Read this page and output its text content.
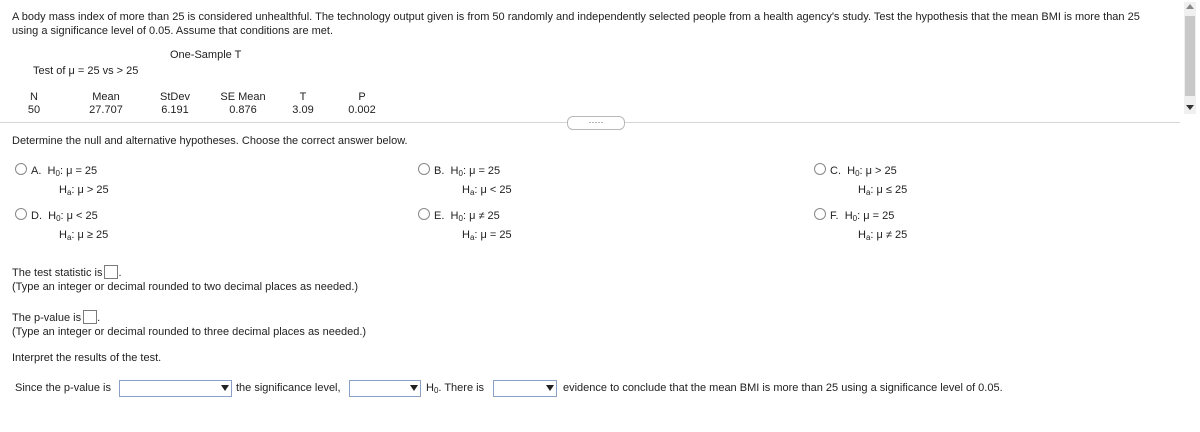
A body mass index of more than 25 is considered unhealthful. The technology output given is from 50 randomly and independently selected people from a health agency's study. Test the hypothesis that the mean BMI is more than 25 using a significance level of 0.05. Assume that conditions are met.
One-Sample T
Test of μ = 25 vs > 25
N	Mean	StDev	SE Mean	T	P
50	27.707	6.191	0.876	3.09	0.002
·····
Determine the null and alternative hypotheses. Choose the correct answer below.
A. $H_0$: μ = 25
$H_a$: μ > 25
B. $H_0$: μ = 25
$H_a$: μ < 25
C. $H_0$: μ > 25
$H_a$: μ ≤ 25
D. $H_0$: μ < 25
$H_a$: μ ≥ 25
E. $H_0$: μ ≠ 25
$H_a$: μ = 25
F. $H_0$: μ = 25
$H_a$: μ ≠ 25
The test statistic is .
(Type an integer or decimal rounded to two decimal places as needed.)
The p-value is .
(Type an integer or decimal rounded to three decimal places as needed.)
Interpret the results of the test.
Since the p-value is	the significance level,	$H_0$. There is	evidence to conclude that the mean BMI is more than 25 using a significance level of 0.05.
